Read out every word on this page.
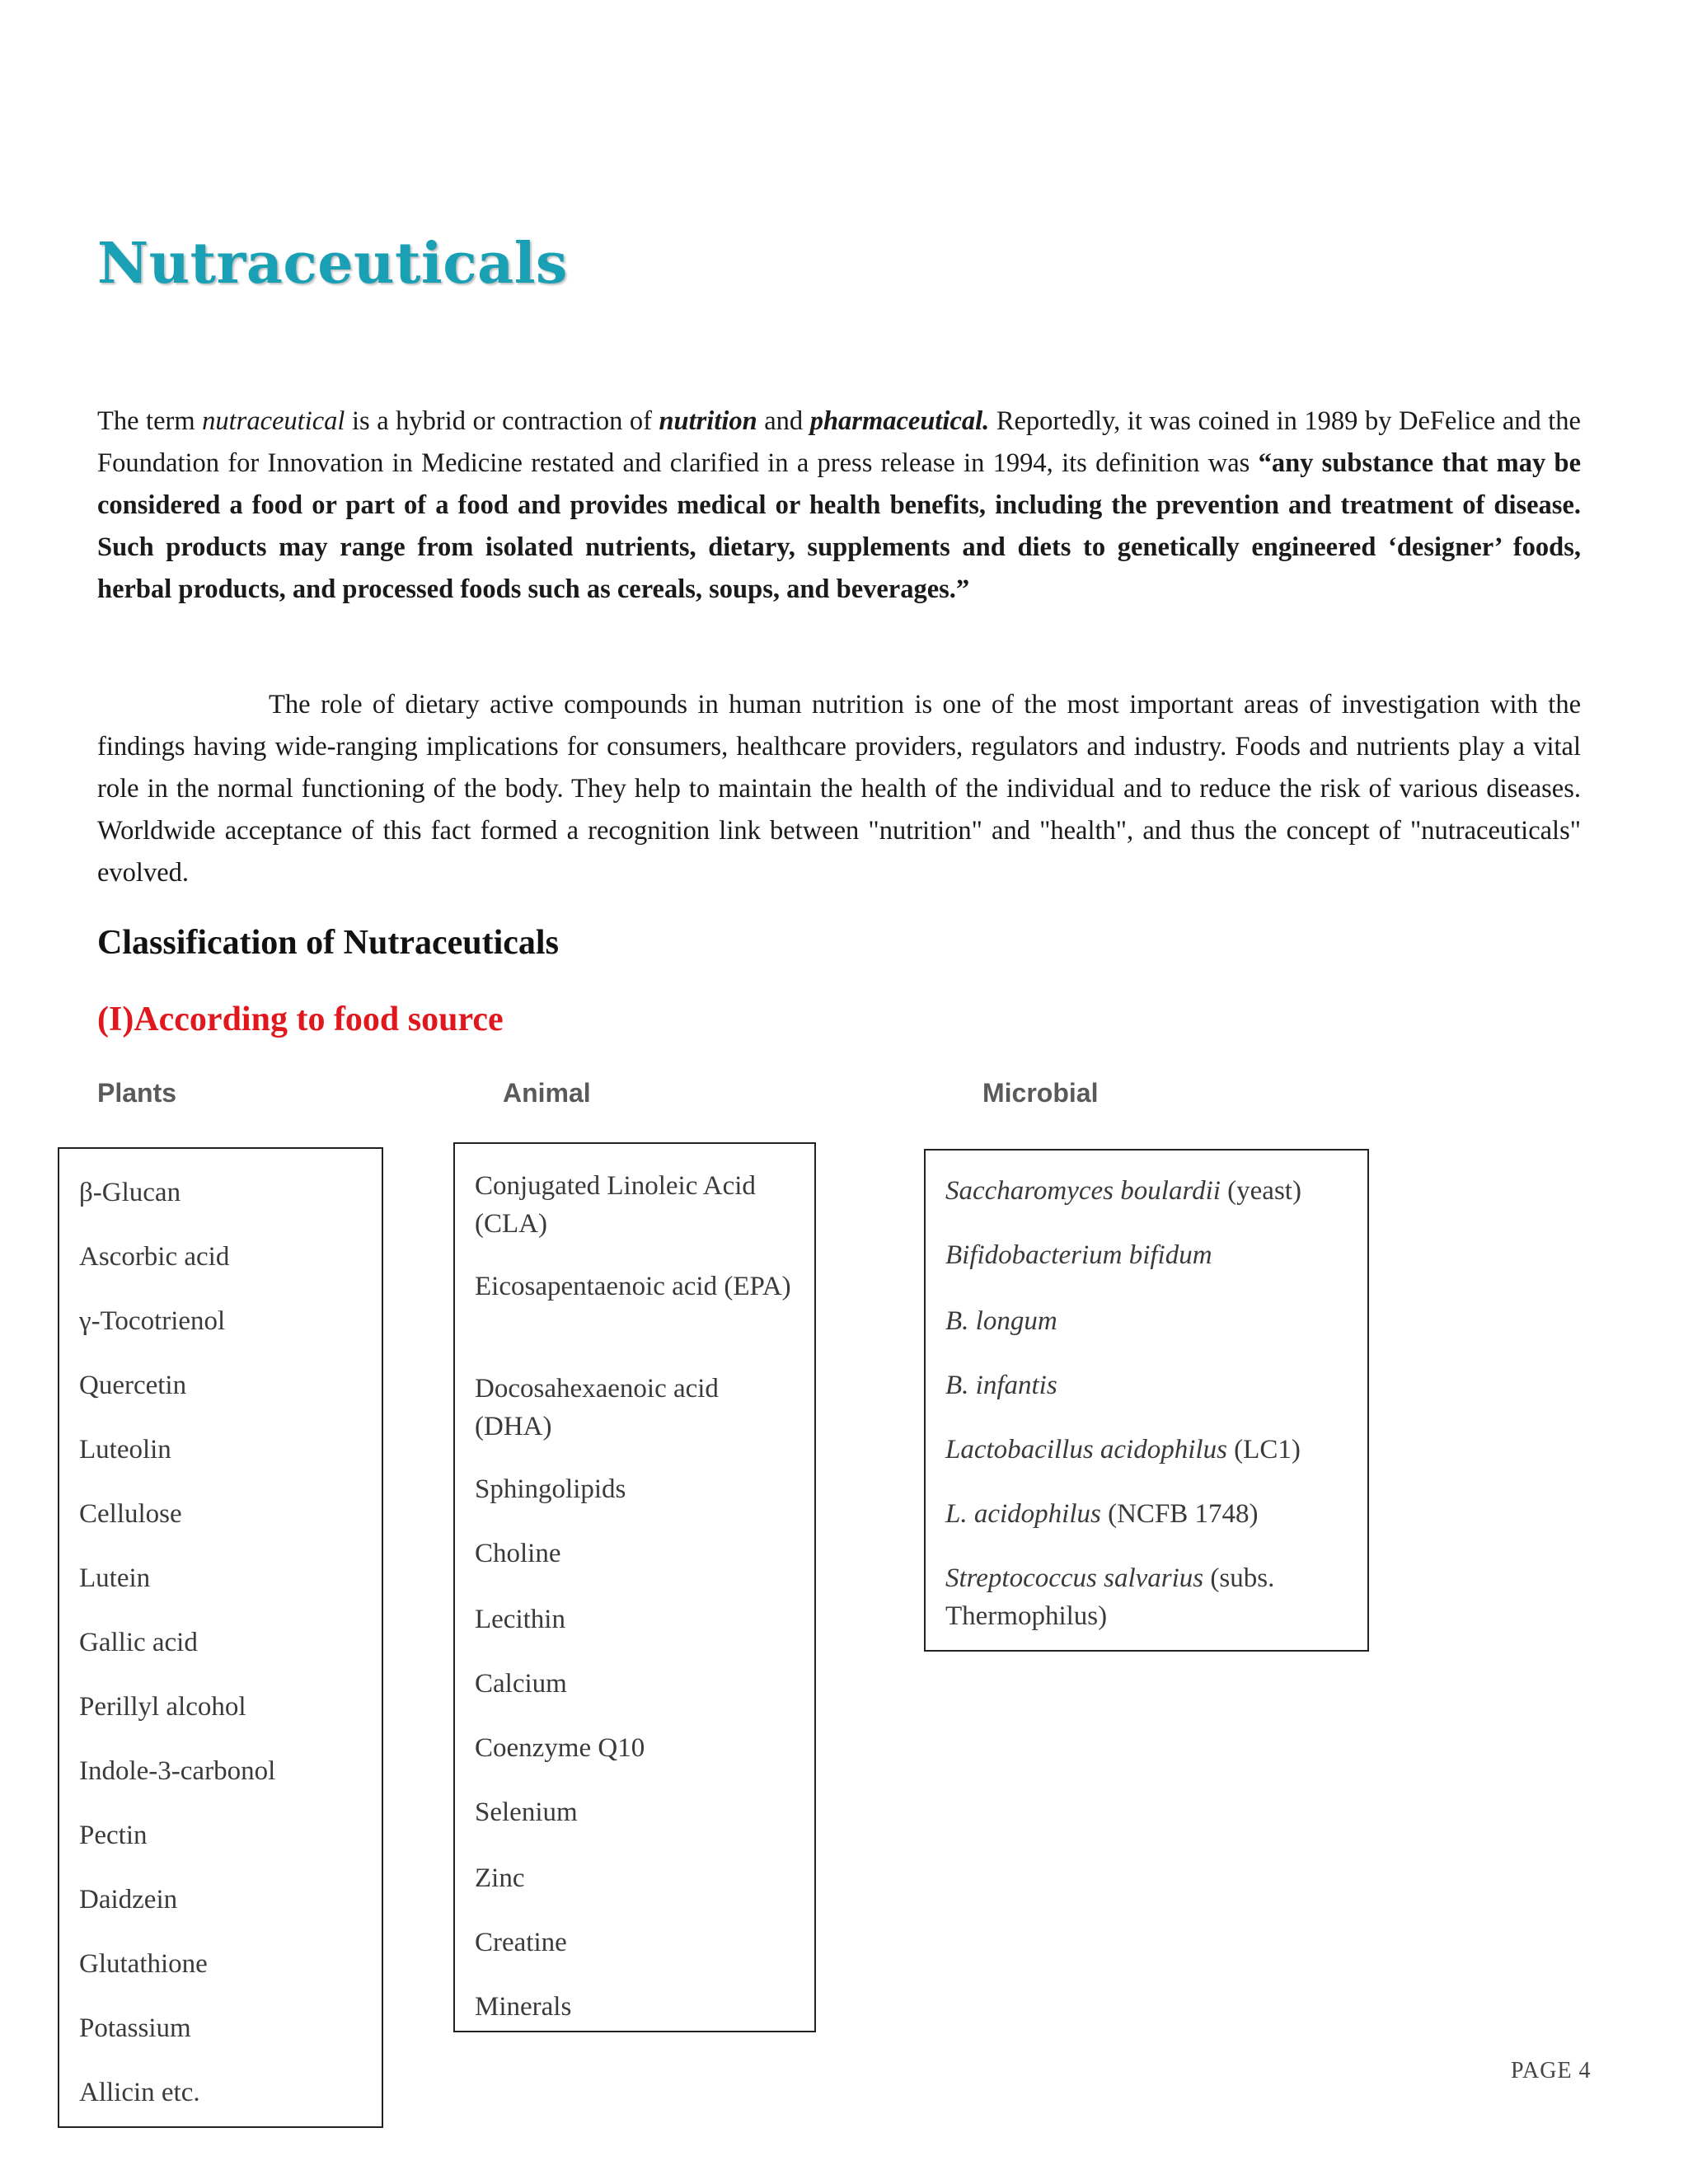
Nutraceuticals
The term nutraceutical is a hybrid or contraction of nutrition and pharmaceutical. Reportedly, it was coined in 1989 by DeFelice and the Foundation for Innovation in Medicine restated and clarified in a press release in 1994, its definition was “any substance that may be considered a food or part of a food and provides medical or health benefits, including the prevention and treatment of disease. Such products may range from isolated nutrients, dietary, supplements and diets to genetically engineered ‘designer’ foods, herbal products, and processed foods such as cereals, soups, and beverages.”
The role of dietary active compounds in human nutrition is one of the most important areas of investigation with the findings having wide-ranging implications for consumers, healthcare providers, regulators and industry. Foods and nutrients play a vital role in the normal functioning of the body. They help to maintain the health of the individual and to reduce the risk of various diseases. Worldwide acceptance of this fact formed a recognition link between "nutrition" and "health", and thus the concept of "nutraceuticals" evolved.
Classification of Nutraceuticals
(I)According to food source
Plants	Animal	Microbial
β-Glucan
Ascorbic acid
γ-Tocotrienol
Quercetin
Luteolin
Cellulose
Lutein
Gallic acid
Perillyl alcohol
Indole-3-carbonol
Pectin
Daidzein
Glutathione
Potassium
Allicin etc.
Conjugated Linoleic Acid (CLA)
Eicosapentaenoic acid (EPA)
Docosahexaenoic acid (DHA)
Sphingolipids
Choline
Lecithin
Calcium
Coenzyme Q10
Selenium
Zinc
Creatine
Minerals
Saccharomyces boulardii (yeast)
Bifidobacterium bifidum
B. longum
B. infantis
Lactobacillus acidophilus (LC1)
L. acidophilus (NCFB 1748)
Streptococcus salvarius (subs. Thermophilus)
PAGE 4
